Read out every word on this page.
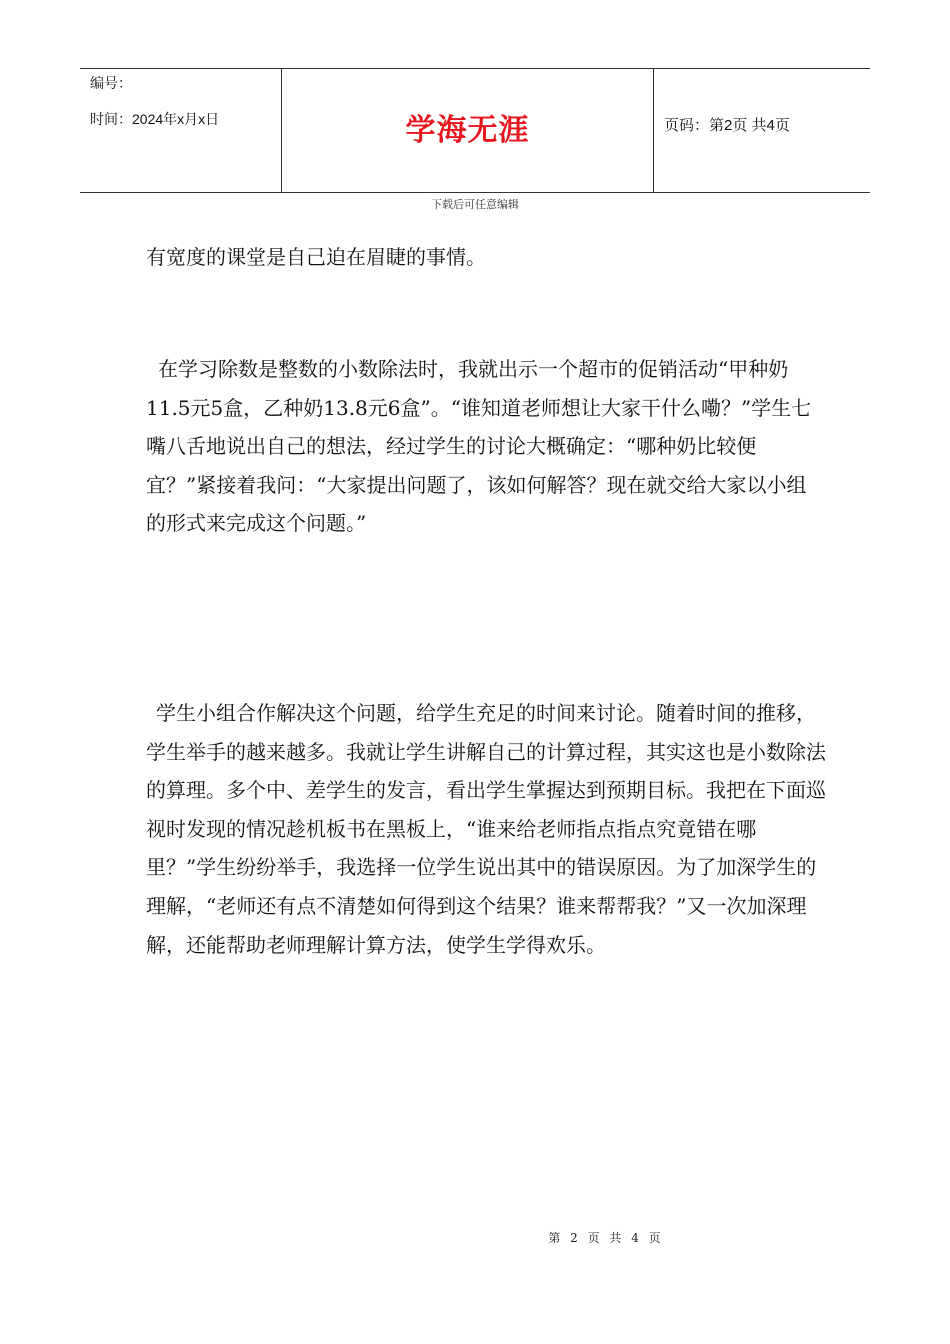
编号：
时间：2024年x月x日	学海无涯	页码：第2页 共4页
下载后可任意编辑

有宽度的课堂是自己迫在眉睫的事情。

在学习除数是整数的小数除法时，我就出示一个超市的促销活动“甲种奶11.5元5盒，乙种奶13.8元6盒”。“谁知道老师想让大家干什么嘞？”学生七嘴八舌地说出自己的想法，经过学生的讨论大概确定：“哪种奶比较便宜？”紧接着我问：“大家提出问题了，该如何解答？现在就交给大家以小组的形式来完成这个问题。”

学生小组合作解决这个问题，给学生充足的时间来讨论。随着时间的推移，学生举手的越来越多。我就让学生讲解自己的计算过程，其实这也是小数除法的算理。多个中、差学生的发言，看出学生掌握达到预期目标。我把在下面巡视时发现的情况趁机板书在黑板上，“谁来给老师指点指点究竟错在哪里？”学生纷纷举手，我选择一位学生说出其中的错误原因。为了加深学生的理解，“老师还有点不清楚如何得到这个结果？谁来帮帮我？”又一次加深理解，还能帮助老师理解计算方法，使学生学得欢乐。

第 2 页 共 4 页
